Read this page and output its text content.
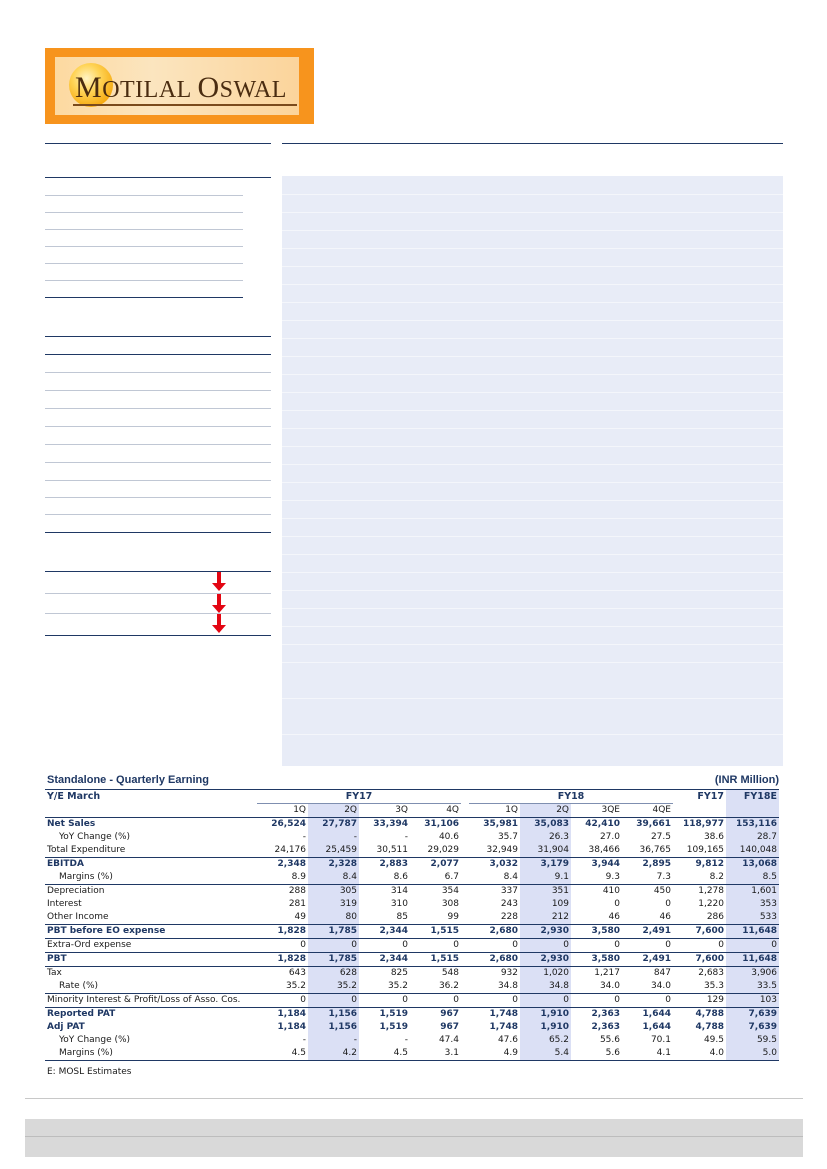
MOTILAL OSWAL
Standalone - Quarterly Earning	(INR Million)
Y/E March	FY17					FY18				FY17	FY18E
	1Q	2Q	3Q	4Q		1Q	2Q	3QE	4QE		
Net Sales	26,524	27,787	33,394	31,106		35,981	35,083	42,410	39,661	118,977	153,116
YoY Change (%)	-	-	-	40.6		35.7	26.3	27.0	27.5	38.6	28.7
Total Expenditure	24,176	25,459	30,511	29,029		32,949	31,904	38,466	36,765	109,165	140,048
EBITDA	2,348	2,328	2,883	2,077		3,032	3,179	3,944	2,895	9,812	13,068
Margins (%)	8.9	8.4	8.6	6.7		8.4	9.1	9.3	7.3	8.2	8.5
Depreciation	288	305	314	354		337	351	410	450	1,278	1,601
Interest	281	319	310	308		243	109	0	0	1,220	353
Other Income	49	80	85	99		228	212	46	46	286	533
PBT before EO expense	1,828	1,785	2,344	1,515		2,680	2,930	3,580	2,491	7,600	11,648
Extra-Ord expense	0	0	0	0		0	0	0	0	0	0
PBT	1,828	1,785	2,344	1,515		2,680	2,930	3,580	2,491	7,600	11,648
Tax	643	628	825	548		932	1,020	1,217	847	2,683	3,906
Rate (%)	35.2	35.2	35.2	36.2		34.8	34.8	34.0	34.0	35.3	33.5
Minority Interest & Profit/Loss of Asso. Cos.	0	0	0	0		0	0	0	0	129	103
Reported PAT	1,184	1,156	1,519	967		1,748	1,910	2,363	1,644	4,788	7,639
Adj PAT	1,184	1,156	1,519	967		1,748	1,910	2,363	1,644	4,788	7,639
YoY Change (%)	-	-	-	47.4		47.6	65.2	55.6	70.1	49.5	59.5
Margins (%)	4.5	4.2	4.5	3.1		4.9	5.4	5.6	4.1	4.0	5.0
E: MOSL Estimates
